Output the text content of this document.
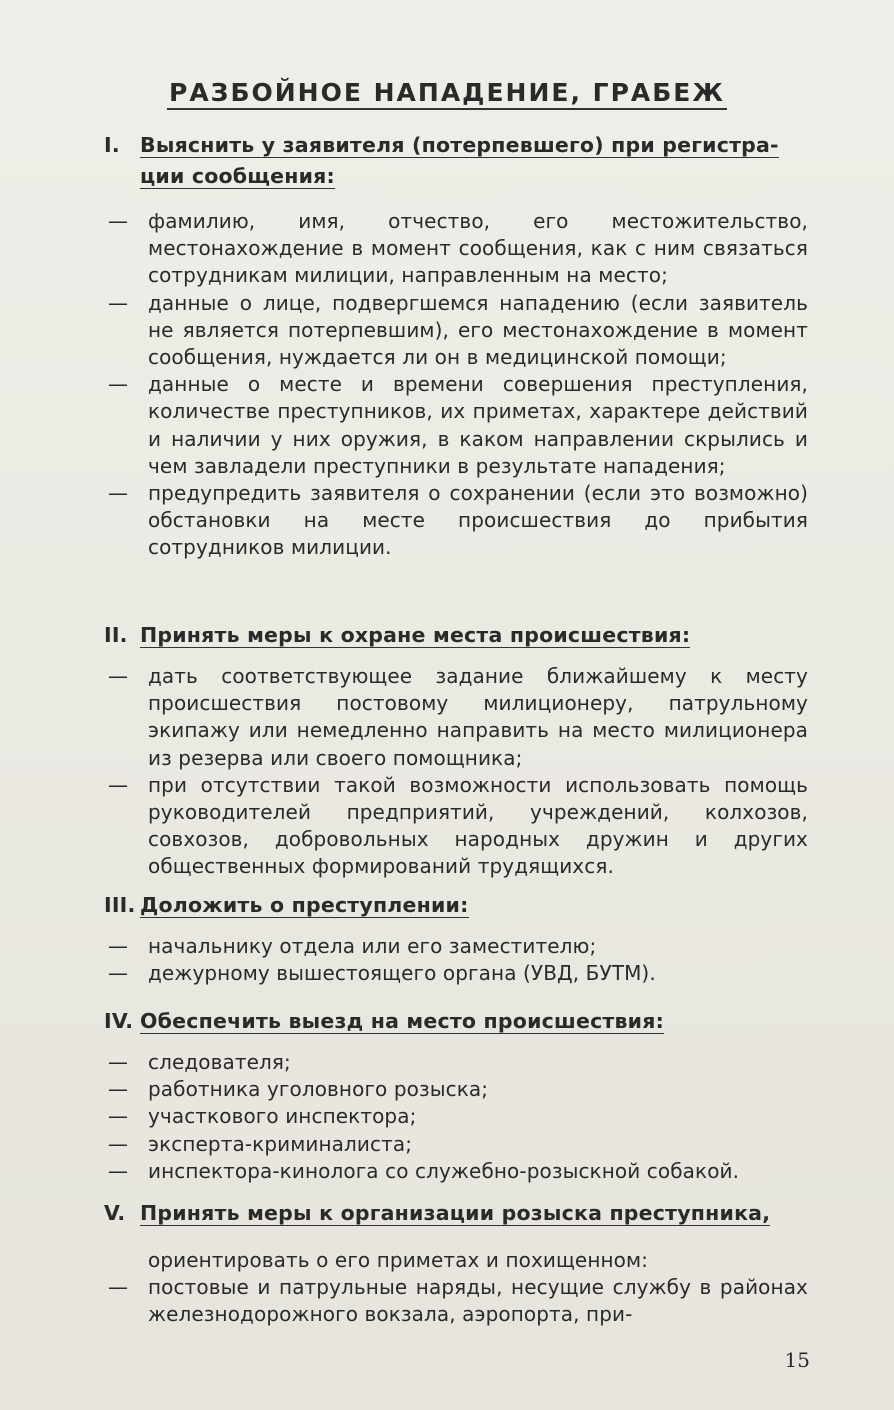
РАЗБОЙНОЕ НАПАДЕНИЕ, ГРАБЕЖ
I. Выяснить у заявителя (потерпевшего) при регистра-
ции сообщения:
— фамилию, имя, отчество, его местожительство, местонахождение в момент сообщения, как с ним связаться сотрудникам милиции, направленным на место;
— данные о лице, подвергшемся нападению (если заявитель не является потерпевшим), его местонахождение в момент сообщения, нуждается ли он в медицинской помощи;
— данные о месте и времени совершения преступления, количестве преступников, их приметах, характере действий и наличии у них оружия, в каком направлении скрылись и чем завладели преступники в результате нападения;
— предупредить заявителя о сохранении (если это возможно) обстановки на месте происшествия до прибытия сотрудников милиции.
II. Принять меры к охране места происшествия:
— дать соответствующее задание ближайшему к месту происшествия постовому милиционеру, патрульному экипажу или немедленно направить на место милиционера из резерва или своего помощника;
— при отсутствии такой возможности использовать помощь руководителей предприятий, учреждений, колхозов, совхозов, добровольных народных дружин и других общественных формирований трудящихся.
III. Доложить о преступлении:
— начальнику отдела или его заместителю;
— дежурному вышестоящего органа (УВД, БУТМ).
IV. Обеспечить выезд на место происшествия:
— следователя;
— работника уголовного розыска;
— участкового инспектора;
— эксперта-криминалиста;
— инспектора-кинолога со служебно-розыскной собакой.
V. Принять меры к организации розыска преступника,
ориентировать о его приметах и похищенном:
— постовые и патрульные наряды, несущие службу в районах железнодорожного вокзала, аэропорта, при-
15
